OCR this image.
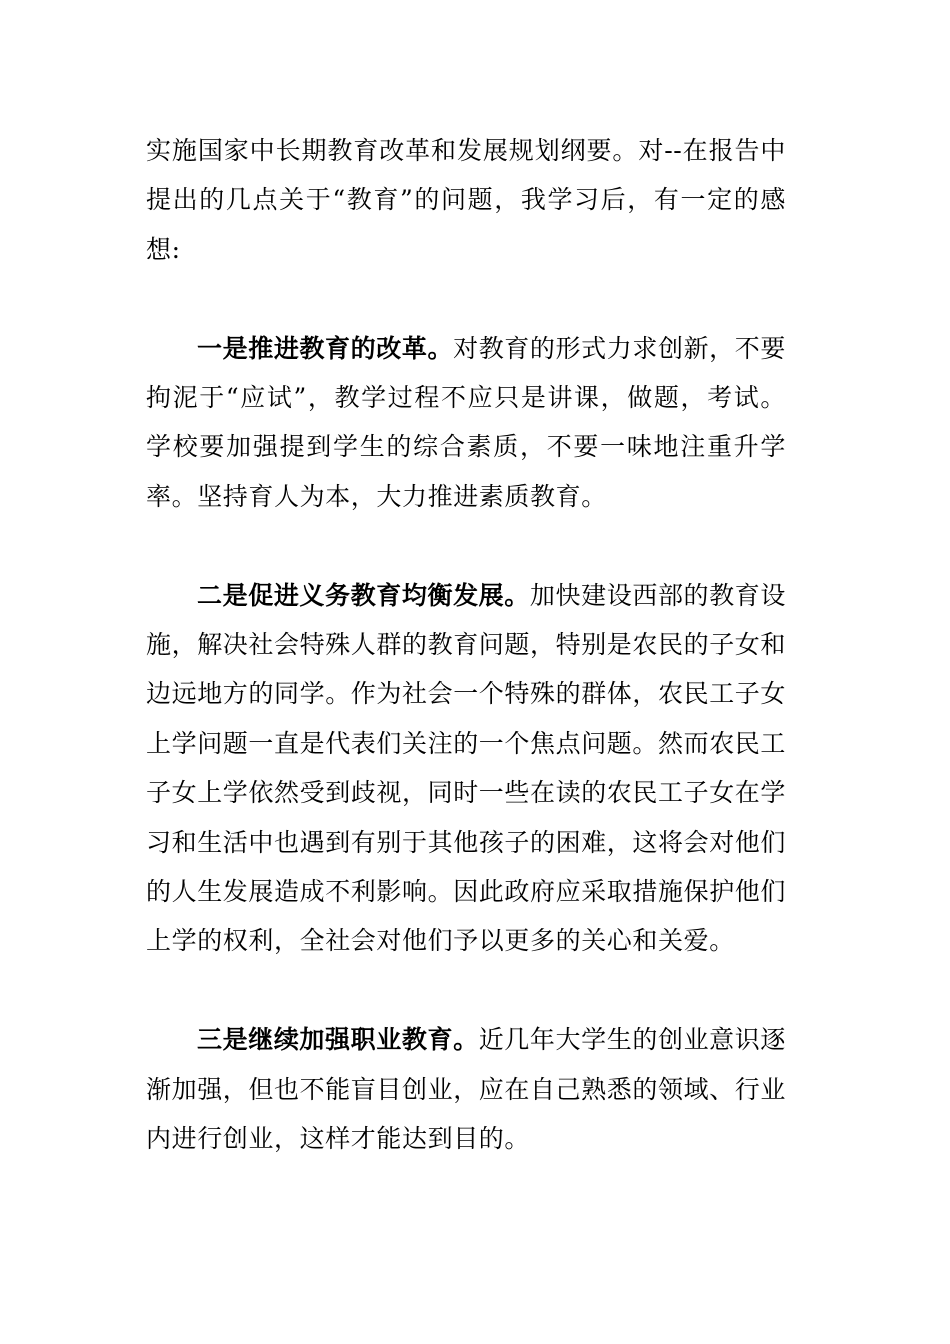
实施国家中长期教育改革和发展规划纲要。对--在报告中提出的几点关于“教育”的问题，我学习后，有一定的感想:

一是推进教育的改革。对教育的形式力求创新，不要拘泥于“应试”，教学过程不应只是讲课，做题，考试。学校要加强提到学生的综合素质，不要一味地注重升学率。坚持育人为本，大力推进素质教育。

二是促进义务教育均衡发展。加快建设西部的教育设施，解决社会特殊人群的教育问题，特别是农民的子女和边远地方的同学。作为社会一个特殊的群体，农民工子女上学问题一直是代表们关注的一个焦点问题。然而农民工子女上学依然受到歧视，同时一些在读的农民工子女在学习和生活中也遇到有别于其他孩子的困难，这将会对他们的人生发展造成不利影响。因此政府应采取措施保护他们上学的权利，全社会对他们予以更多的关心和关爱。

三是继续加强职业教育。近几年大学生的创业意识逐渐加强，但也不能盲目创业，应在自己熟悉的领域、行业内进行创业，这样才能达到目的。
